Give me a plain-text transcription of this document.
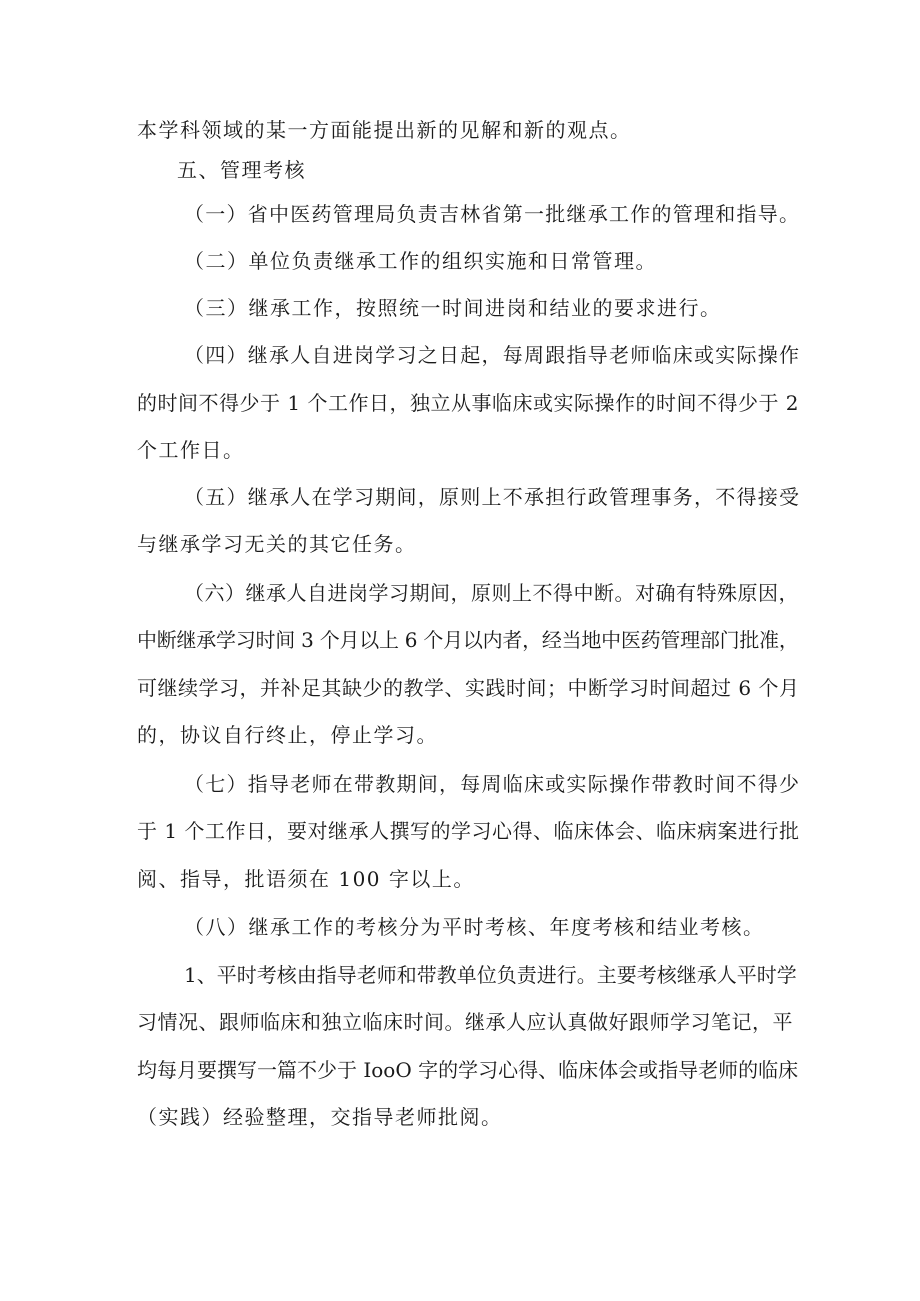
本学科领域的某一方面能提出新的见解和新的观点。
五、管理考核
（一）省中医药管理局负责吉林省第一批继承工作的管理和指导。
（二）单位负责继承工作的组织实施和日常管理。
（三）继承工作，按照统一时间进岗和结业的要求进行。
（四）继承人自进岗学习之日起，每周跟指导老师临床或实际操作
的时间不得少于 1 个工作日，独立从事临床或实际操作的时间不得少于 2
个工作日。
（五）继承人在学习期间，原则上不承担行政管理事务，不得接受
与继承学习无关的其它任务。
（六）继承人自进岗学习期间，原则上不得中断。对确有特殊原因，
中断继承学习时间 3 个月以上 6 个月以内者，经当地中医药管理部门批准，
可继续学习，并补足其缺少的教学、实践时间；中断学习时间超过 6 个月
的，协议自行终止，停止学习。
（七）指导老师在带教期间，每周临床或实际操作带教时间不得少
于 1 个工作日，要对继承人撰写的学习心得、临床体会、临床病案进行批
阅、指导，批语须在 100 字以上。
（八）继承工作的考核分为平时考核、年度考核和结业考核。
1、平时考核由指导老师和带教单位负责进行。主要考核继承人平时学
习情况、跟师临床和独立临床时间。继承人应认真做好跟师学习笔记，平
均每月要撰写一篇不少于 IooO 字的学习心得、临床体会或指导老师的临床
（实践）经验整理，交指导老师批阅。
